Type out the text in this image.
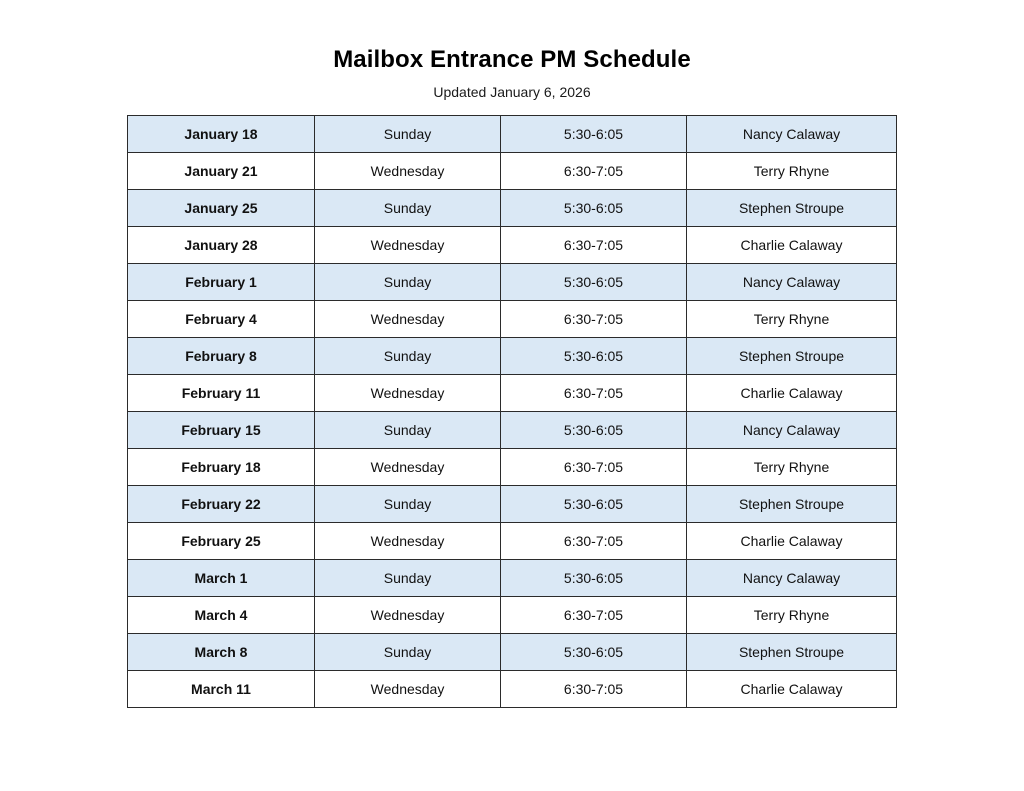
Mailbox Entrance PM Schedule
Updated January 6, 2026
January 18	Sunday	5:30-6:05	Nancy Calaway
January 21	Wednesday	6:30-7:05	Terry Rhyne
January 25	Sunday	5:30-6:05	Stephen Stroupe
January 28	Wednesday	6:30-7:05	Charlie Calaway
February 1	Sunday	5:30-6:05	Nancy Calaway
February 4	Wednesday	6:30-7:05	Terry Rhyne
February 8	Sunday	5:30-6:05	Stephen Stroupe
February 11	Wednesday	6:30-7:05	Charlie Calaway
February 15	Sunday	5:30-6:05	Nancy Calaway
February 18	Wednesday	6:30-7:05	Terry Rhyne
February 22	Sunday	5:30-6:05	Stephen Stroupe
February 25	Wednesday	6:30-7:05	Charlie Calaway
March 1	Sunday	5:30-6:05	Nancy Calaway
March 4	Wednesday	6:30-7:05	Terry Rhyne
March 8	Sunday	5:30-6:05	Stephen Stroupe
March 11	Wednesday	6:30-7:05	Charlie Calaway
